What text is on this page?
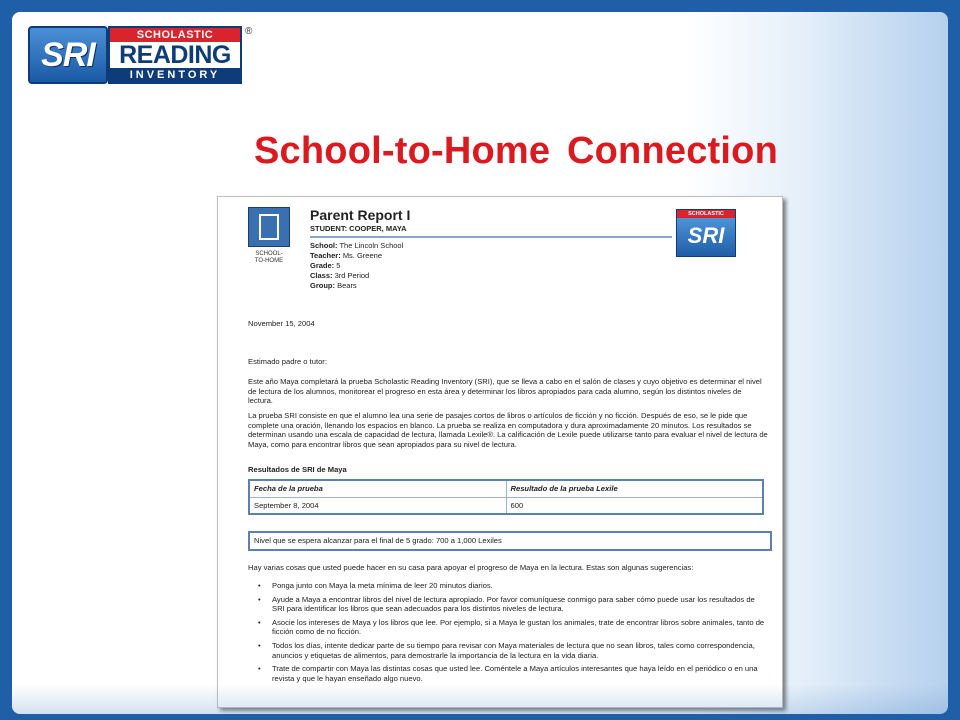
SRI
SCHOLASTIC
READING
INVENTORY
®
School-to-Home Connection
SCHOOL-
TO-HOME
Parent Report I
STUDENT: COOPER, MAYA
School: The Lincoln School
Teacher: Ms. Greene
Grade: 5
Class: 3rd Period
Group: Bears
SCHOLASTIC
SRI
November 15, 2004
Estimado padre o tutor:
Este año Maya completará la prueba Scholastic Reading Inventory (SRI), que se lleva a cabo en el salón de clases y cuyo objetivo es determinar el nivel de lectura de los alumnos, monitorear el progreso en esta área y determinar los libros apropiados para cada alumno, según los distintos niveles de lectura.
La prueba SRI consiste en que el alumno lea una serie de pasajes cortos de libros o artículos de ficción y no ficción. Después de eso, se le pide que complete una oración, llenando los espacios en blanco. La prueba se realiza en computadora y dura aproximadamente 20 minutos. Los resultados se determinan usando una escala de capacidad de lectura, llamada Lexile®. La calificación de Lexile puede utilizarse tanto para evaluar el nivel de lectura de Maya, como para encontrar libros que sean apropiados para su nivel de lectura.
Resultados de SRI de Maya
Fecha de la prueba	Resultado de la prueba Lexile
September 8, 2004	600
Nivel que se espera alcanzar para el final de 5 grado: 700 a 1,000 Lexiles
Hay varias cosas que usted puede hacer en su casa para apoyar el progreso de Maya en la lectura. Estas son algunas sugerencias:
• Ponga junto con Maya la meta mínima de leer 20 minutos diarios.
• Ayude a Maya a encontrar libros del nivel de lectura apropiado. Por favor comuníquese conmigo para saber cómo puede usar los resultados de SRI para identificar los libros que sean adecuados para los distintos niveles de lectura.
• Asocie los intereses de Maya y los libros que lee. Por ejemplo, si a Maya le gustan los animales, trate de encontrar libros sobre animales, tanto de ficción como de no ficción.
• Todos los días, intente dedicar parte de su tiempo para revisar con Maya materiales de lectura que no sean libros, tales como correspondencia, anuncios y etiquetas de alimentos, para demostrarle la importancia de la lectura en la vida diaria.
• Trate de compartir con Maya las distintas cosas que usted lee. Coméntele a Maya artículos interesantes que haya leído en el periódico o en una revista y que le hayan enseñado algo nuevo.
